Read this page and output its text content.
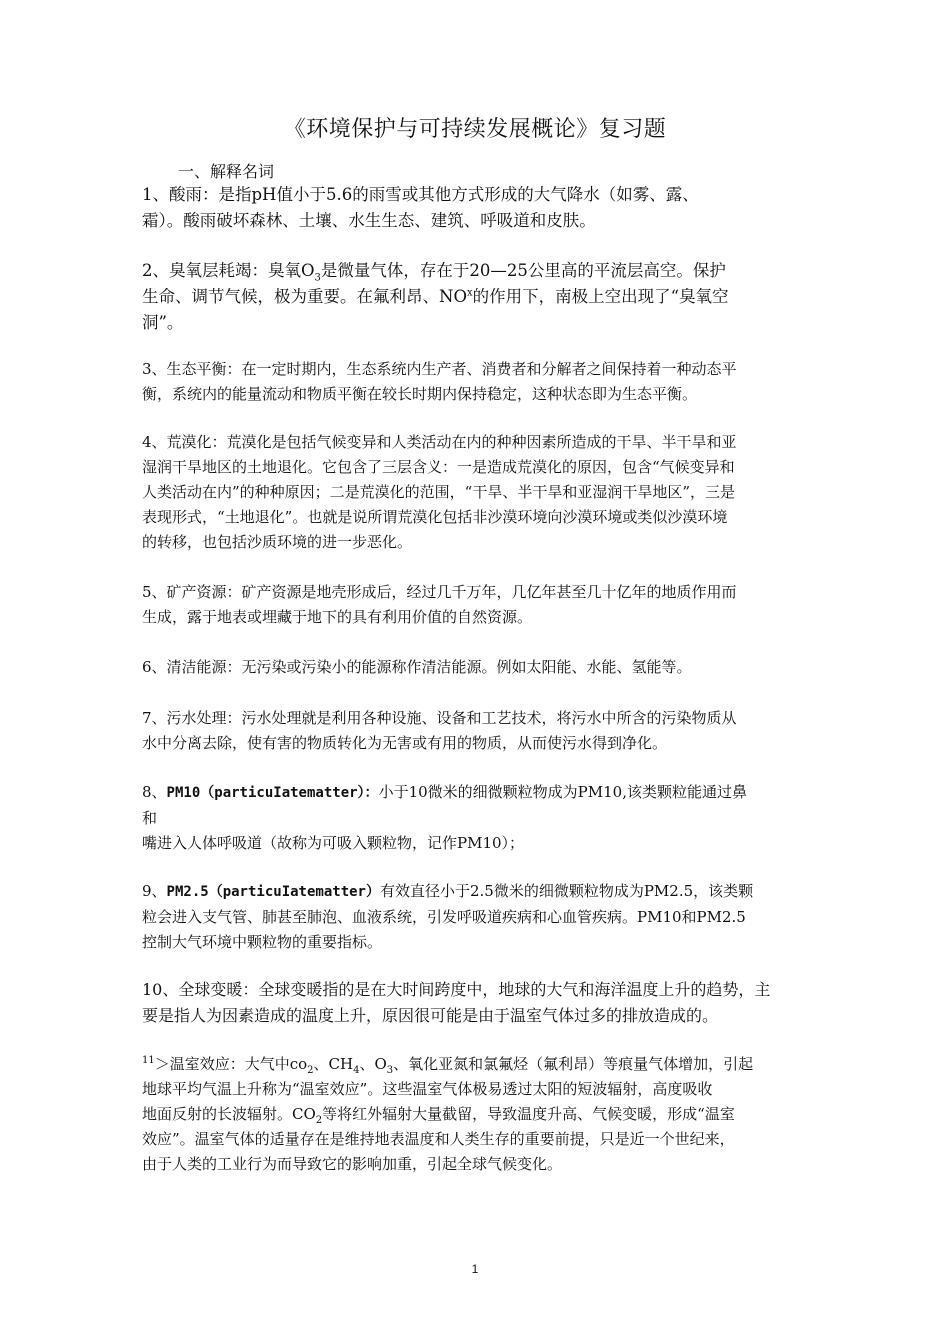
《环境保护与可持续发展概论》复习题
一、解释名词
1、酸雨：是指pH值小于5.6的雨雪或其他方式形成的大气降水（如雾、露、
霜）。酸雨破坏森林、土壤、水生生态、建筑、呼吸道和皮肤。
2、臭氧层耗竭：臭氧$O_3$是微量气体，存在于20—25公里高的平流层高空。保护
生命、调节气候，极为重要。在氟利昂、$NO^x$的作用下，南极上空出现了“臭氧空
洞”。
3、生态平衡：在一定时期内，生态系统内生产者、消费者和分解者之间保持着一种动态平
衡，系统内的能量流动和物质平衡在较长时期内保持稳定，这种状态即为生态平衡。
4、荒漠化：荒漠化是包括气候变异和人类活动在内的种种因素所造成的干旱、半干旱和亚
湿润干旱地区的土地退化。它包含了三层含义：一是造成荒漠化的原因，包含“气候变异和
人类活动在内”的种种原因；二是荒漠化的范围，“干旱、半干旱和亚湿润干旱地区”，三是
表现形式，“土地退化”。也就是说所谓荒漠化包括非沙漠环境向沙漠环境或类似沙漠环境
的转移，也包括沙质环境的进一步恶化。
5、矿产资源：矿产资源是地壳形成后，经过几千万年，几亿年甚至几十亿年的地质作用而
生成，露于地表或埋藏于地下的具有利用价值的自然资源。
6、清洁能源：无污染或污染小的能源称作清洁能源。例如太阳能、水能、氢能等。
7、污水处理：污水处理就是利用各种设施、设备和工艺技术，将污水中所含的污染物质从
水中分离去除，使有害的物质转化为无害或有用的物质，从而使污水得到净化。
8、PM10（particuIatematter）：小于10微米的细微颗粒物成为PM10,该类颗粒能通过鼻
和
嘴进入人体呼吸道（故称为可吸入颗粒物，记作PM10）；
9、PM2.5（particuIatematter）有效直径小于2.5微米的细微颗粒物成为PM2.5，该类颗
粒会进入支气管、肺甚至肺泡、血液系统，引发呼吸道疾病和心血管疾病。PM10和PM2.5
控制大气环境中颗粒物的重要指标。
10、全球变暖：全球变暖指的是在大时间跨度中，地球的大气和海洋温度上升的趋势，主
要是指人为因素造成的温度上升，原因很可能是由于温室气体过多的排放造成的。
$^{11}$＞温室效应：大气中$co_2$、$CH_4$、$O_3$、氧化亚氮和氯氟烃（氟利昂）等痕量气体增加，引起
地球平均气温上升称为“温室效应”。这些温室气体极易透过太阳的短波辐射，高度吸收
地面反射的长波辐射。$CO_2$等将红外辐射大量截留，导致温度升高、气候变暖，形成“温室
效应”。温室气体的适量存在是维持地表温度和人类生存的重要前提，只是近一个世纪来，
由于人类的工业行为而导致它的影响加重，引起全球气候变化。
1
